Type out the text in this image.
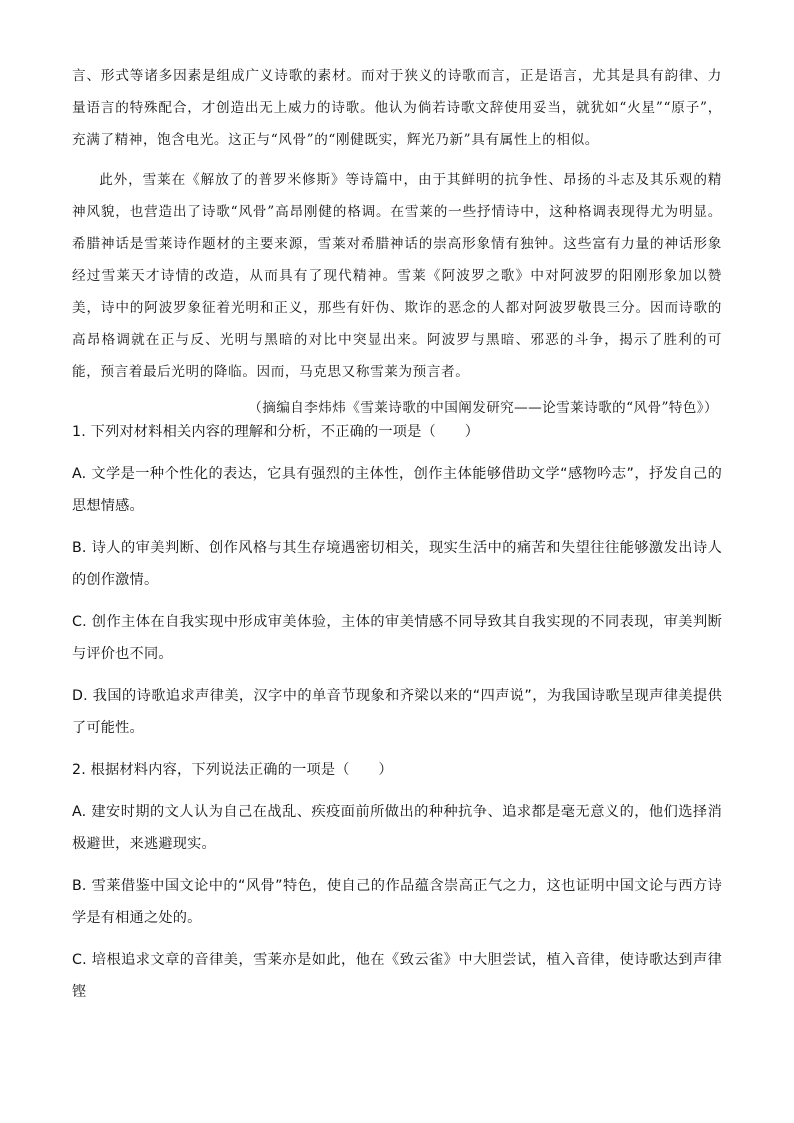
言、形式等诸多因素是组成广义诗歌的素材。而对于狭义的诗歌而言，正是语言，尤其是具有韵律、力量语言的特殊配合，才创造出无上威力的诗歌。他认为倘若诗歌文辞使用妥当，就犹如“火星”“原子”，充满了精神，饱含电光。这正与“风骨”的“刚健既实，辉光乃新”具有属性上的相似。

此外，雪莱在《解放了的普罗米修斯》等诗篇中，由于其鲜明的抗争性、昂扬的斗志及其乐观的精神风貌，也营造出了诗歌“风骨”高昂刚健的格调。在雪莱的一些抒情诗中，这种格调表现得尤为明显。希腊神话是雪莱诗作题材的主要来源，雪莱对希腊神话的崇高形象情有独钟。这些富有力量的神话形象经过雪莱天才诗情的改造，从而具有了现代精神。雪莱《阿波罗之歌》中对阿波罗的阳刚形象加以赞美，诗中的阿波罗象征着光明和正义，那些有奸伪、欺诈的恶念的人都对阿波罗敬畏三分。因而诗歌的高昂格调就在正与反、光明与黑暗的对比中突显出来。阿波罗与黑暗、邪恶的斗争，揭示了胜利的可能，预言着最后光明的降临。因而，马克思又称雪莱为预言者。

（摘编自李炜炜《雪莱诗歌的中国阐发研究——论雪莱诗歌的“风骨”特色》）

1. 下列对材料相关内容的理解和分析，不正确的一项是（　　）

A. 文学是一种个性化的表达，它具有强烈的主体性，创作主体能够借助文学“感物吟志”，抒发自己的思想情感。

B. 诗人的审美判断、创作风格与其生存境遇密切相关，现实生活中的痛苦和失望往往能够激发出诗人的创作激情。

C. 创作主体在自我实现中形成审美体验，主体的审美情感不同导致其自我实现的不同表现，审美判断与评价也不同。

D. 我国的诗歌追求声律美，汉字中的单音节现象和齐梁以来的“四声说”，为我国诗歌呈现声律美提供了可能性。

2. 根据材料内容，下列说法正确的一项是（　　）

A. 建安时期的文人认为自己在战乱、疾疫面前所做出的种种抗争、追求都是毫无意义的，他们选择消极避世，来逃避现实。

B. 雪莱借鉴中国文论中的“风骨”特色，使自己的作品蕴含崇高正气之力，这也证明中国文论与西方诗学是有相通之处的。

C. 培根追求文章的音律美，雪莱亦是如此，他在《致云雀》中大胆尝试，植入音律，使诗歌达到声律铿
